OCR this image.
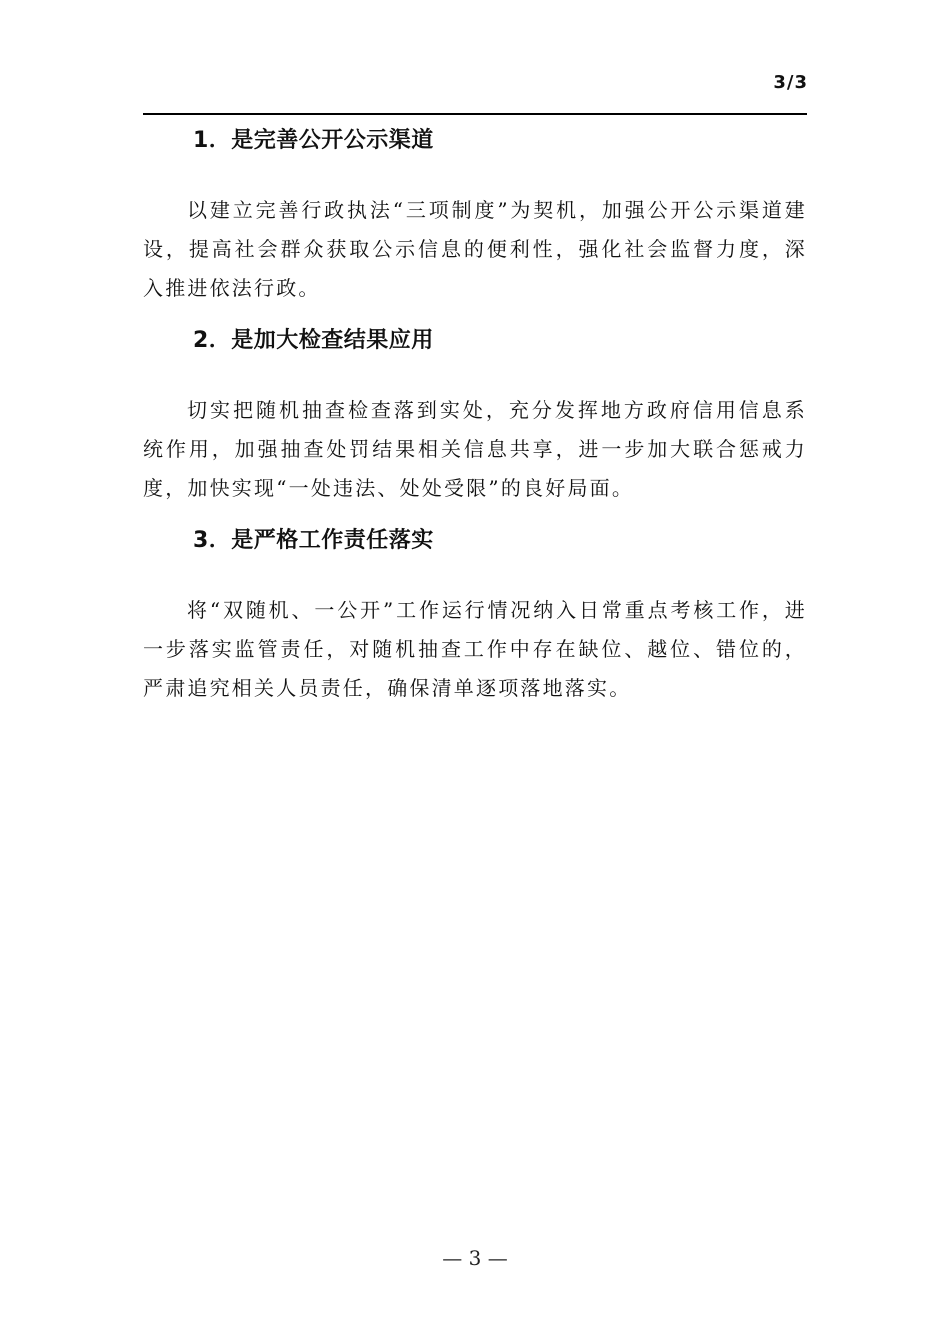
3/3
1．是完善公开公示渠道

以建立完善行政执法“三项制度”为契机，加强公开公示渠道建设，提高社会群众获取公示信息的便利性，强化社会监督力度，深入推进依法行政。

2．是加大检查结果应用

切实把随机抽查检查落到实处，充分发挥地方政府信用信息系统作用，加强抽查处罚结果相关信息共享，进一步加大联合惩戒力度，加快实现“一处违法、处处受限”的良好局面。

3．是严格工作责任落实

将“双随机、一公开”工作运行情况纳入日常重点考核工作，进一步落实监管责任，对随机抽查工作中存在缺位、越位、错位的，严肃追究相关人员责任，确保清单逐项落地落实。

— 3 —
